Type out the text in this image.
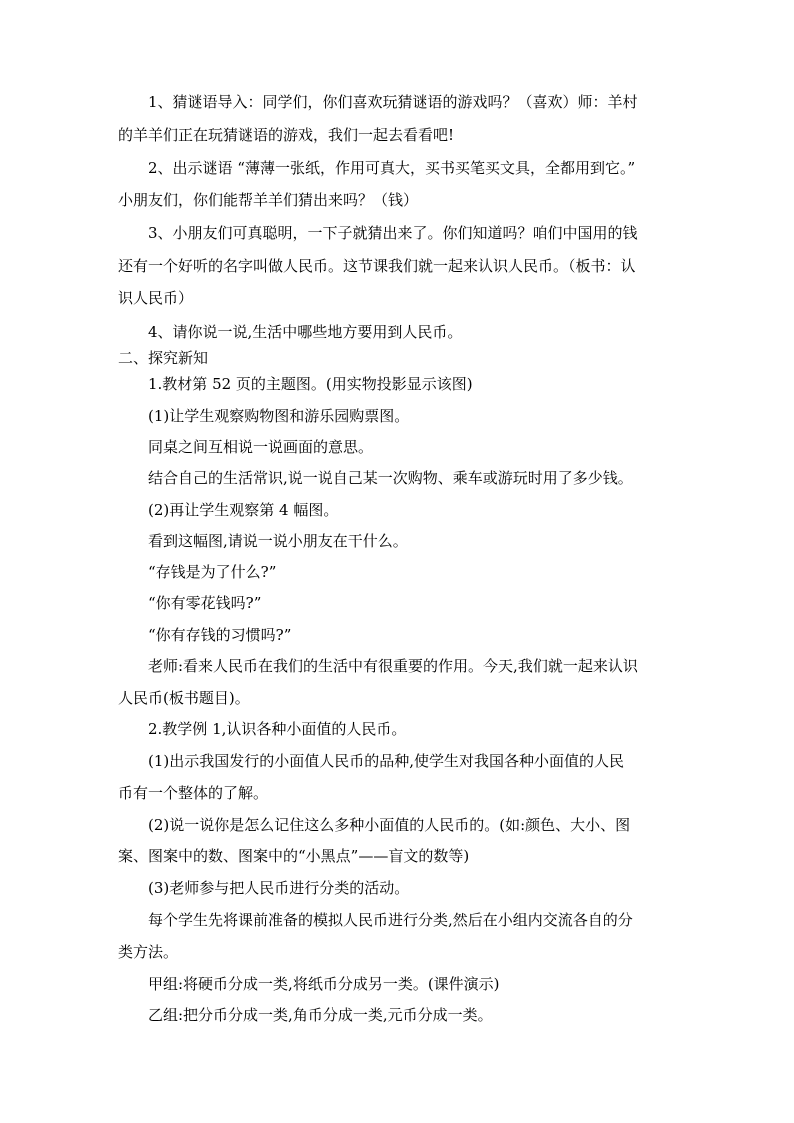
1、猜谜语导入：同学们，你们喜欢玩猜谜语的游戏吗？（喜欢）师：羊村
的羊羊们正在玩猜谜语的游戏，我们一起去看看吧!
2、出示谜语 “薄薄一张纸，作用可真大，买书买笔买文具，全都用到它。”
小朋友们，你们能帮羊羊们猜出来吗？（钱）
3、小朋友们可真聪明，一下子就猜出来了。你们知道吗？咱们中国用的钱
还有一个好听的名字叫做人民币。这节课我们就一起来认识人民币。（板书：认
识人民币）
4、请你说一说,生活中哪些地方要用到人民币。
二、探究新知
1.教材第 52 页的主题图。(用实物投影显示该图)
(1)让学生观察购物图和游乐园购票图。
同桌之间互相说一说画面的意思。
结合自己的生活常识,说一说自己某一次购物、乘车或游玩时用了多少钱。
(2)再让学生观察第 4 幅图。
看到这幅图,请说一说小朋友在干什么。
“存钱是为了什么?”
“你有零花钱吗?”
“你有存钱的习惯吗?”
老师:看来人民币在我们的生活中有很重要的作用。今天,我们就一起来认识
人民币(板书题目)。
2.教学例 1,认识各种小面值的人民币。
(1)出示我国发行的小面值人民币的品种,使学生对我国各种小面值的人民
币有一个整体的了解。
(2)说一说你是怎么记住这么多种小面值的人民币的。(如:颜色、大小、图
案、图案中的数、图案中的“小黑点”——盲文的数等)
(3)老师参与把人民币进行分类的活动。
每个学生先将课前准备的模拟人民币进行分类,然后在小组内交流各自的分
类方法。
甲组:将硬币分成一类,将纸币分成另一类。(课件演示)
乙组:把分币分成一类,角币分成一类,元币分成一类。
